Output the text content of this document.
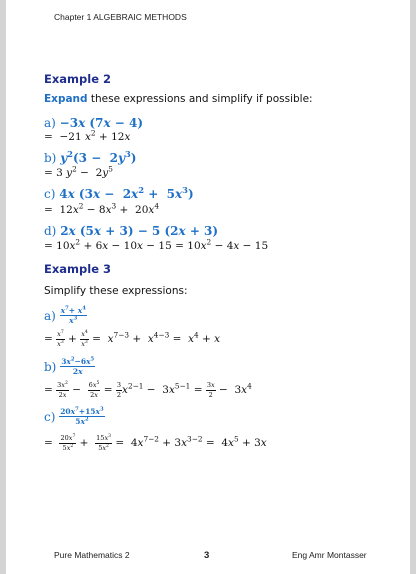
Chapter 1 ALGEBRAIC METHODS
Example 2
Expand these expressions and simplify if possible:
a) −3x (7x − 4)
=  −21 $x^2 + 12x$
b) $y^2(3 - 2y^3)$
= 3 $y^2 - 2y^5$
c) 4x $(3x - 2x^2 + 5x^3)$
=  $12x^2 - 8x^3 + 20x^4$
d) 2x (5x + 3) − 5 (2x + 3)
= $10x^2 + 6x - 10x - 15 = 10x^2 - 4x - 15$
Example 3
Simplify these expressions:
$a) \frac{x^7+ x^4}{x^3}$
= $\frac{x^7}{x^3} + \frac{x^4}{x^3} = x^{7-3} + x^{4-3} = x^4 + x$
$b) \frac{3x^2-6x^5}{2x}$
= $\frac{3x^2}{2x} - \frac{6x^5}{2x} = \frac{3}{2} x^{2-1} - 3x^{5-1} = \frac{3x}{2} - 3x^4$
$c) \frac{20x^7+15x^3}{5x^2}$
= $\frac{20x^7}{5x^2} + \frac{15x^3}{5x^2} = 4x^{7-2} + 3x^{3-2} = 4x^5 + 3x$
Pure Mathematics 2	3	Eng Amr Montasser
